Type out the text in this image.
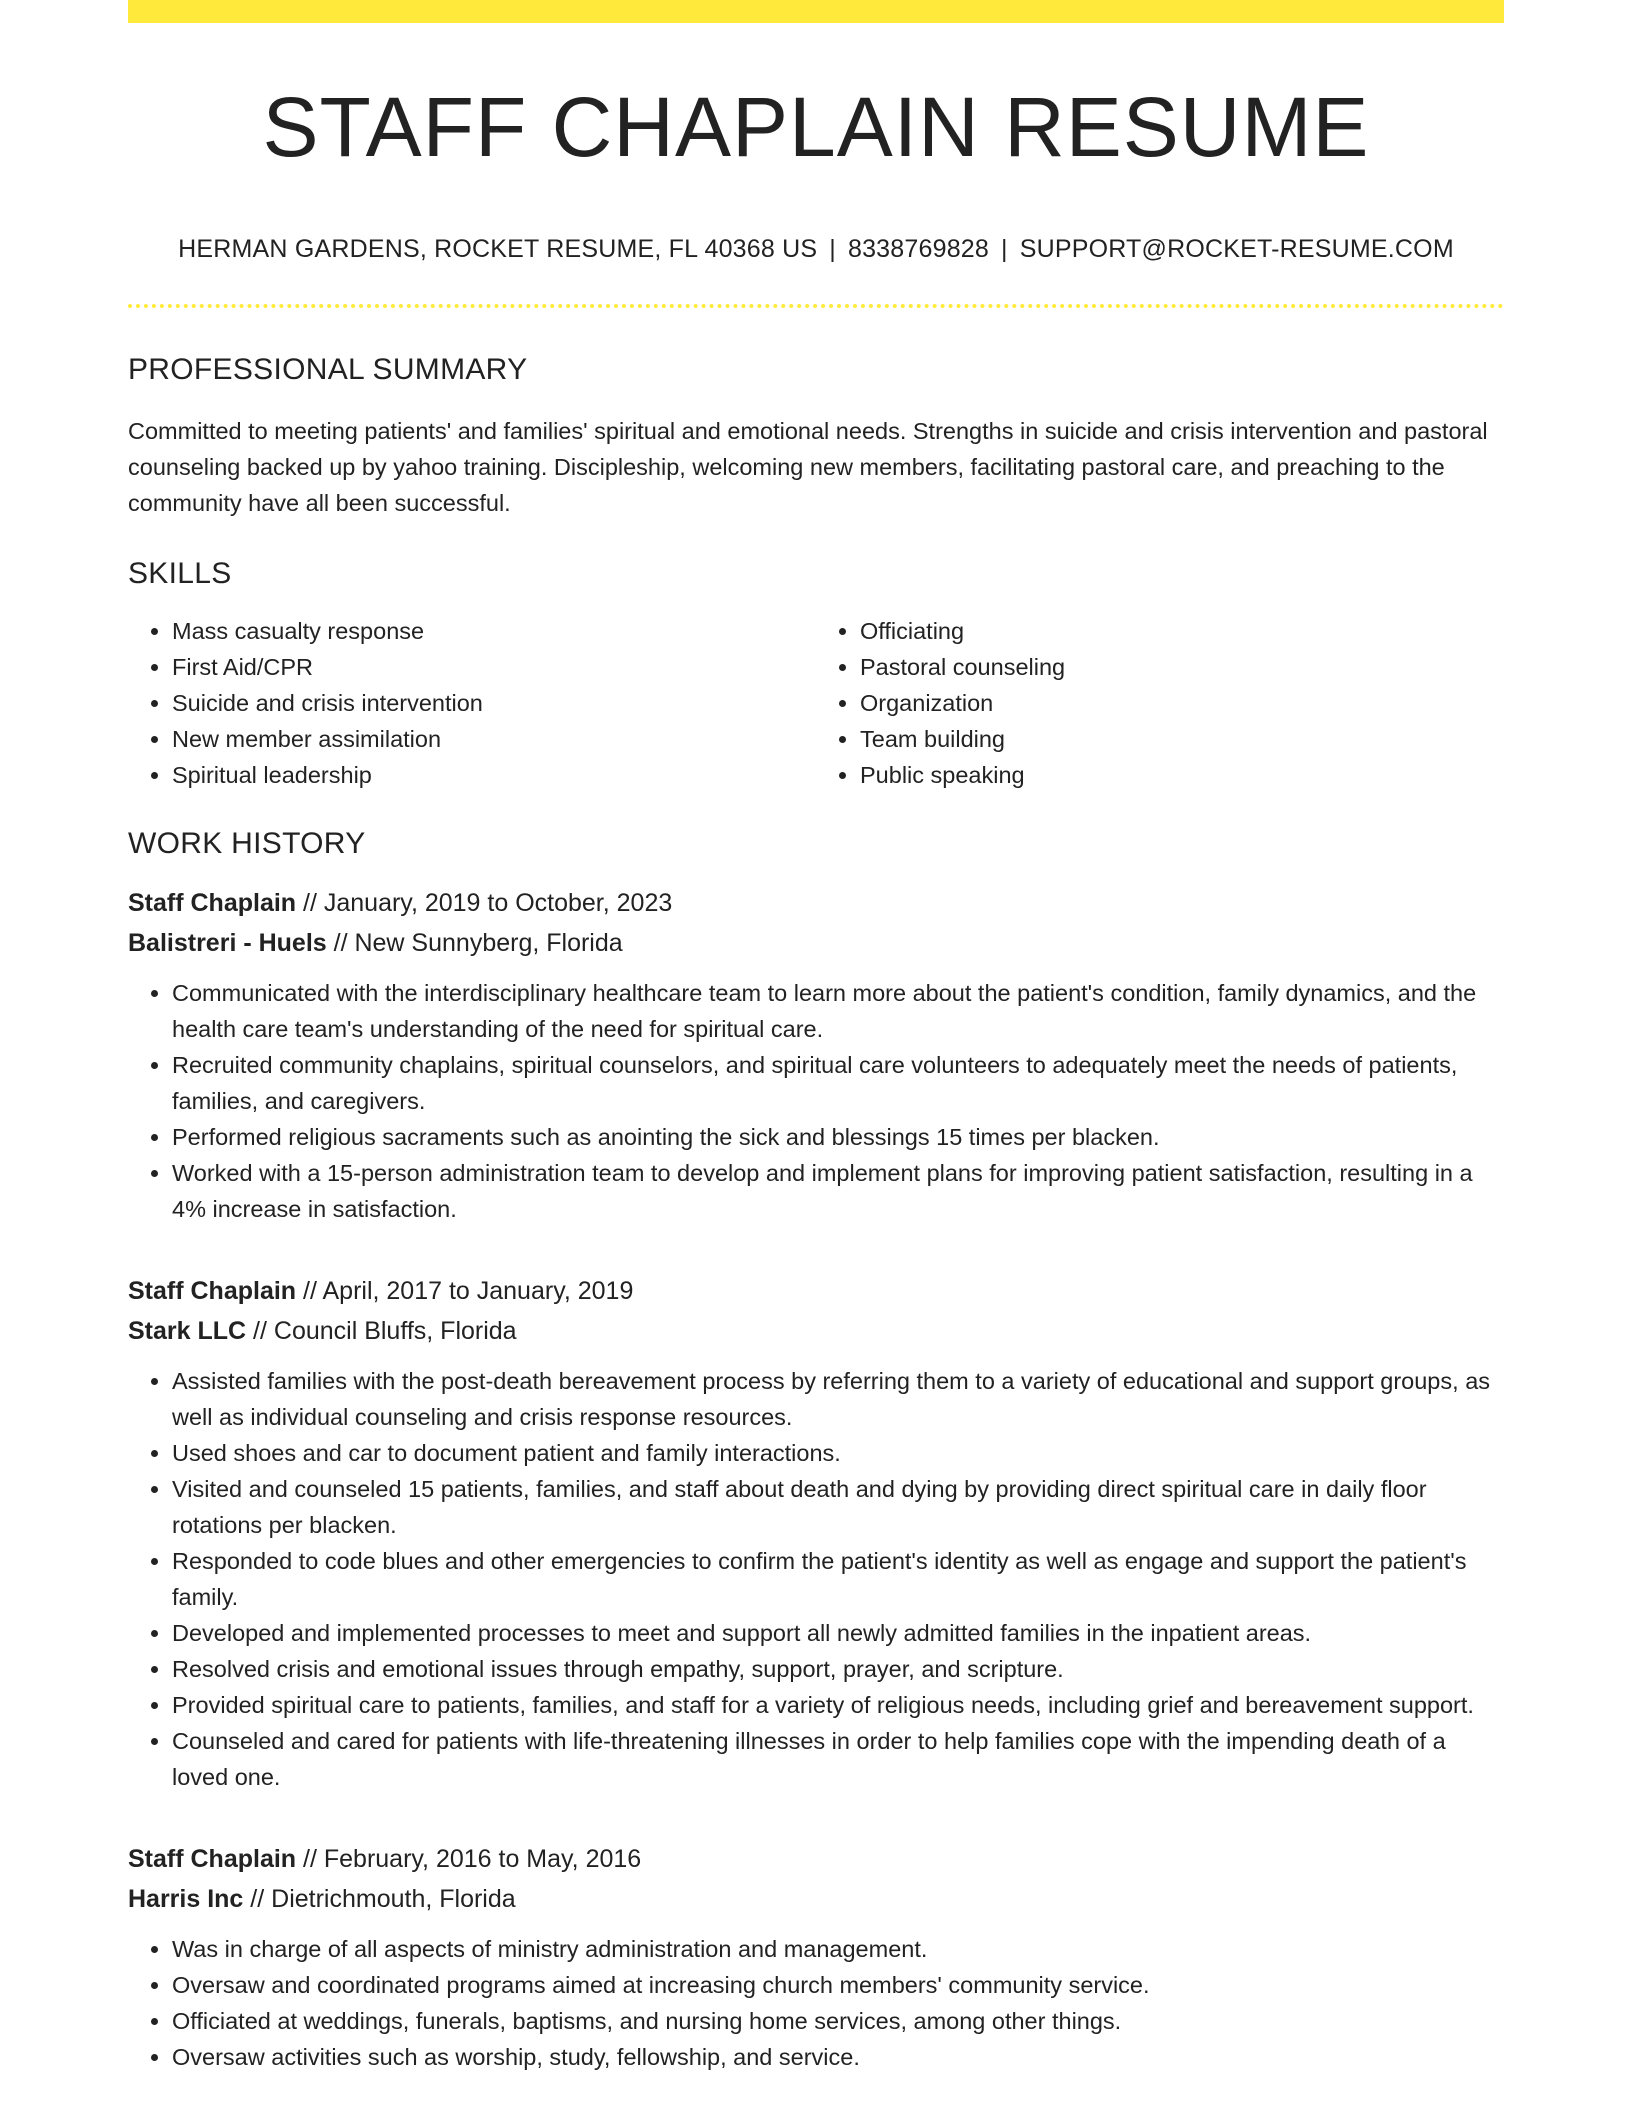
STAFF CHAPLAIN RESUME
HERMAN GARDENS, ROCKET RESUME, FL 40368 US | 8338769828 | SUPPORT@ROCKET-RESUME.COM
PROFESSIONAL SUMMARY
Committed to meeting patients' and families' spiritual and emotional needs. Strengths in suicide and crisis intervention and pastoral counseling backed up by yahoo training. Discipleship, welcoming new members, facilitating pastoral care, and preaching to the community have all been successful.
SKILLS
• Mass casualty response
• First Aid/CPR
• Suicide and crisis intervention
• New member assimilation
• Spiritual leadership
• Officiating
• Pastoral counseling
• Organization
• Team building
• Public speaking
WORK HISTORY
Staff Chaplain // January, 2019 to October, 2023
Balistreri - Huels // New Sunnyberg, Florida
• Communicated with the interdisciplinary healthcare team to learn more about the patient's condition, family dynamics, and the health care team's understanding of the need for spiritual care.
• Recruited community chaplains, spiritual counselors, and spiritual care volunteers to adequately meet the needs of patients, families, and caregivers.
• Performed religious sacraments such as anointing the sick and blessings 15 times per blacken.
• Worked with a 15-person administration team to develop and implement plans for improving patient satisfaction, resulting in a 4% increase in satisfaction.
Staff Chaplain // April, 2017 to January, 2019
Stark LLC // Council Bluffs, Florida
• Assisted families with the post-death bereavement process by referring them to a variety of educational and support groups, as well as individual counseling and crisis response resources.
• Used shoes and car to document patient and family interactions.
• Visited and counseled 15 patients, families, and staff about death and dying by providing direct spiritual care in daily floor rotations per blacken.
• Responded to code blues and other emergencies to confirm the patient's identity as well as engage and support the patient's family.
• Developed and implemented processes to meet and support all newly admitted families in the inpatient areas.
• Resolved crisis and emotional issues through empathy, support, prayer, and scripture.
• Provided spiritual care to patients, families, and staff for a variety of religious needs, including grief and bereavement support.
• Counseled and cared for patients with life-threatening illnesses in order to help families cope with the impending death of a loved one.
Staff Chaplain // February, 2016 to May, 2016
Harris Inc // Dietrichmouth, Florida
• Was in charge of all aspects of ministry administration and management.
• Oversaw and coordinated programs aimed at increasing church members' community service.
• Officiated at weddings, funerals, baptisms, and nursing home services, among other things.
• Oversaw activities such as worship, study, fellowship, and service.
